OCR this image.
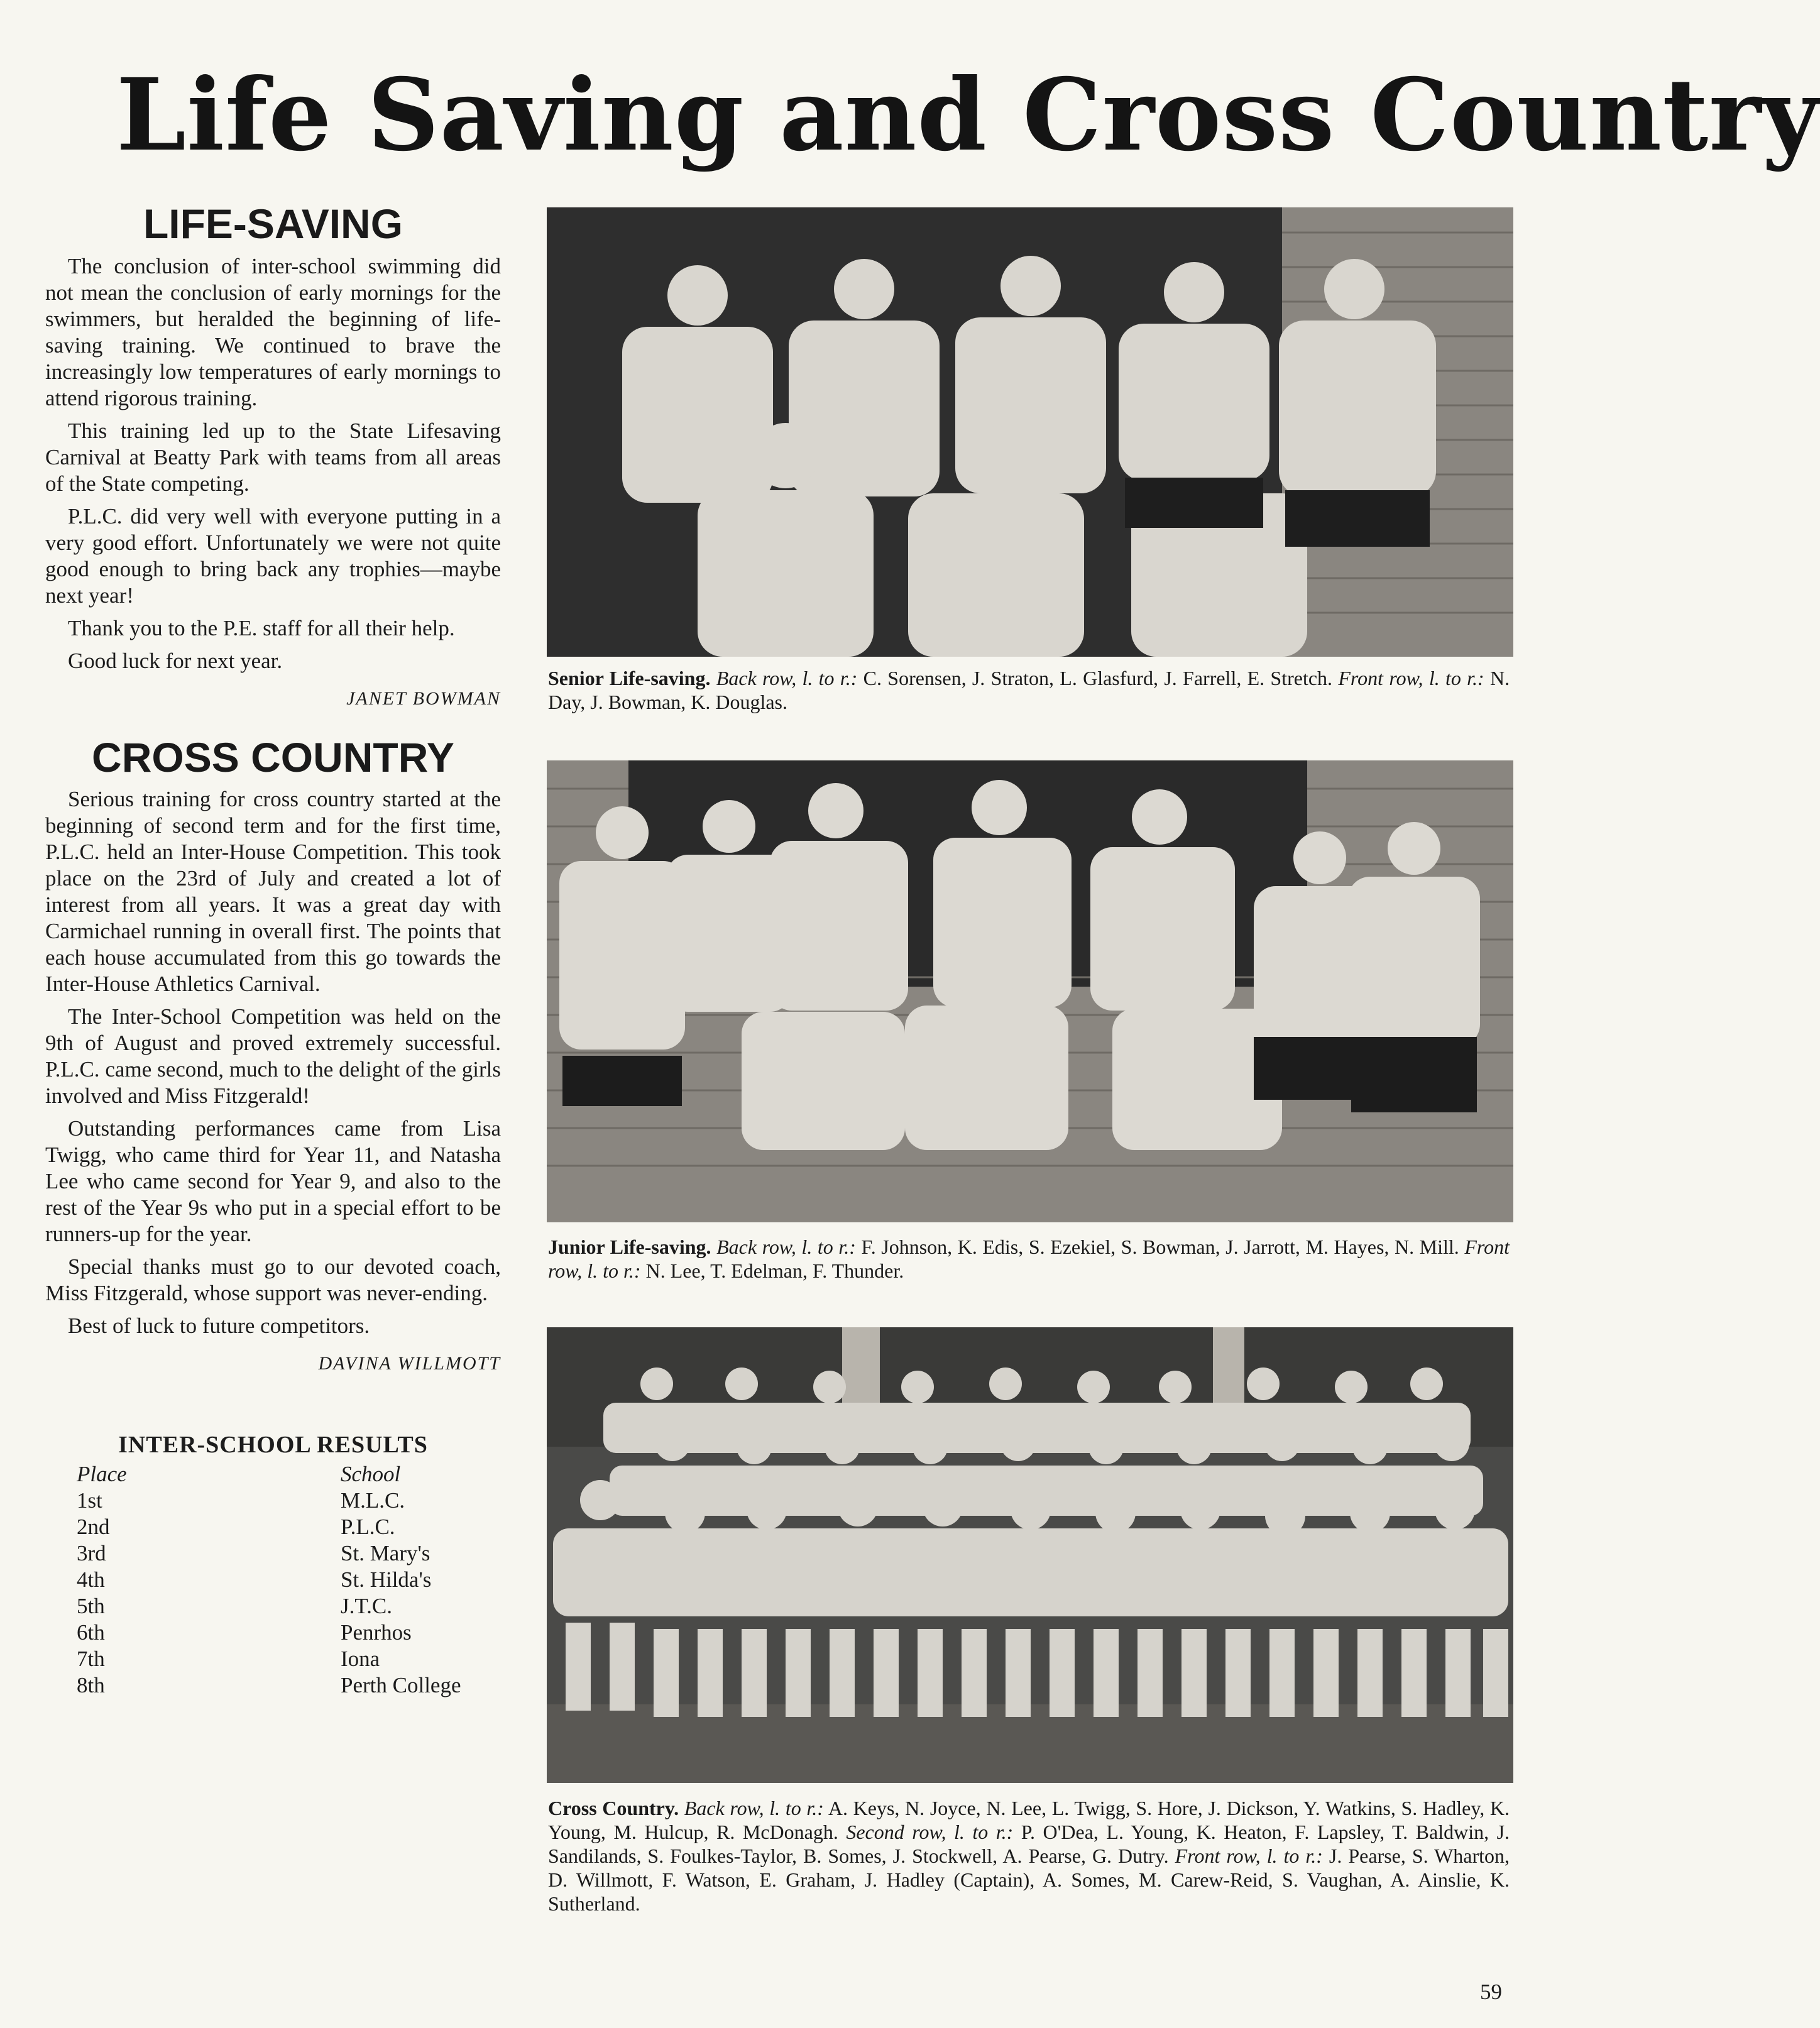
Life Saving and Cross Country
LIFE-SAVING

The conclusion of inter-school swimming did not mean the conclusion of early mornings for the swimmers, but heralded the beginning of life-saving training. We continued to brave the increasingly low temperatures of early mornings to attend rigorous training.

This training led up to the State Lifesaving Carnival at Beatty Park with teams from all areas of the State competing.

P.L.C. did very well with everyone putting in a very good effort. Unfortunately we were not quite good enough to bring back any trophies—maybe next year!

Thank you to the P.E. staff for all their help.

Good luck for next year.

JANET BOWMAN
CROSS COUNTRY

Serious training for cross country started at the beginning of second term and for the first time, P.L.C. held an Inter-House Competition. This took place on the 23rd of July and created a lot of interest from all years. It was a great day with Carmichael running in overall first. The points that each house accumulated from this go towards the Inter-House Athletics Carnival.

The Inter-School Competition was held on the 9th of August and proved extremely successful. P.L.C. came second, much to the delight of the girls involved and Miss Fitzgerald!

Outstanding performances came from Lisa Twigg, who came third for Year 11, and Natasha Lee who came second for Year 9, and also to the rest of the Year 9s who put in a special effort to be runners-up for the year.

Special thanks must go to our devoted coach, Miss Fitzgerald, whose support was never-ending.

Best of luck to future competitors.

DAVINA WILLMOTT
INTER-SCHOOL RESULTS
Place	School
1st	M.L.C.
2nd	P.L.C.
3rd	St. Mary's
4th	St. Hilda's
5th	J.T.C.
6th	Penrhos
7th	Iona
8th	Perth College
Senior Life-saving. Back row, l. to r.: C. Sorensen, J. Straton, L. Glasfurd, J. Farrell, E. Stretch. Front row, l. to r.: N. Day, J. Bowman, K. Douglas.
Junior Life-saving. Back row, l. to r.: F. Johnson, K. Edis, S. Ezekiel, S. Bowman, J. Jarrott, M. Hayes, N. Mill. Front row, l. to r.: N. Lee, T. Edelman, F. Thunder.
Cross Country. Back row, l. to r.: A. Keys, N. Joyce, N. Lee, L. Twigg, S. Hore, J. Dickson, Y. Watkins, S. Hadley, K. Young, M. Hulcup, R. McDonagh. Second row, l. to r.: P. O'Dea, L. Young, K. Heaton, F. Lapsley, T. Baldwin, J. Sandilands, S. Foulkes-Taylor, B. Somes, J. Stockwell, A. Pearse, G. Dutry. Front row, l. to r.: J. Pearse, S. Wharton, D. Willmott, F. Watson, E. Graham, J. Hadley (Captain), A. Somes, M. Carew-Reid, S. Vaughan, A. Ainslie, K. Sutherland.
59
